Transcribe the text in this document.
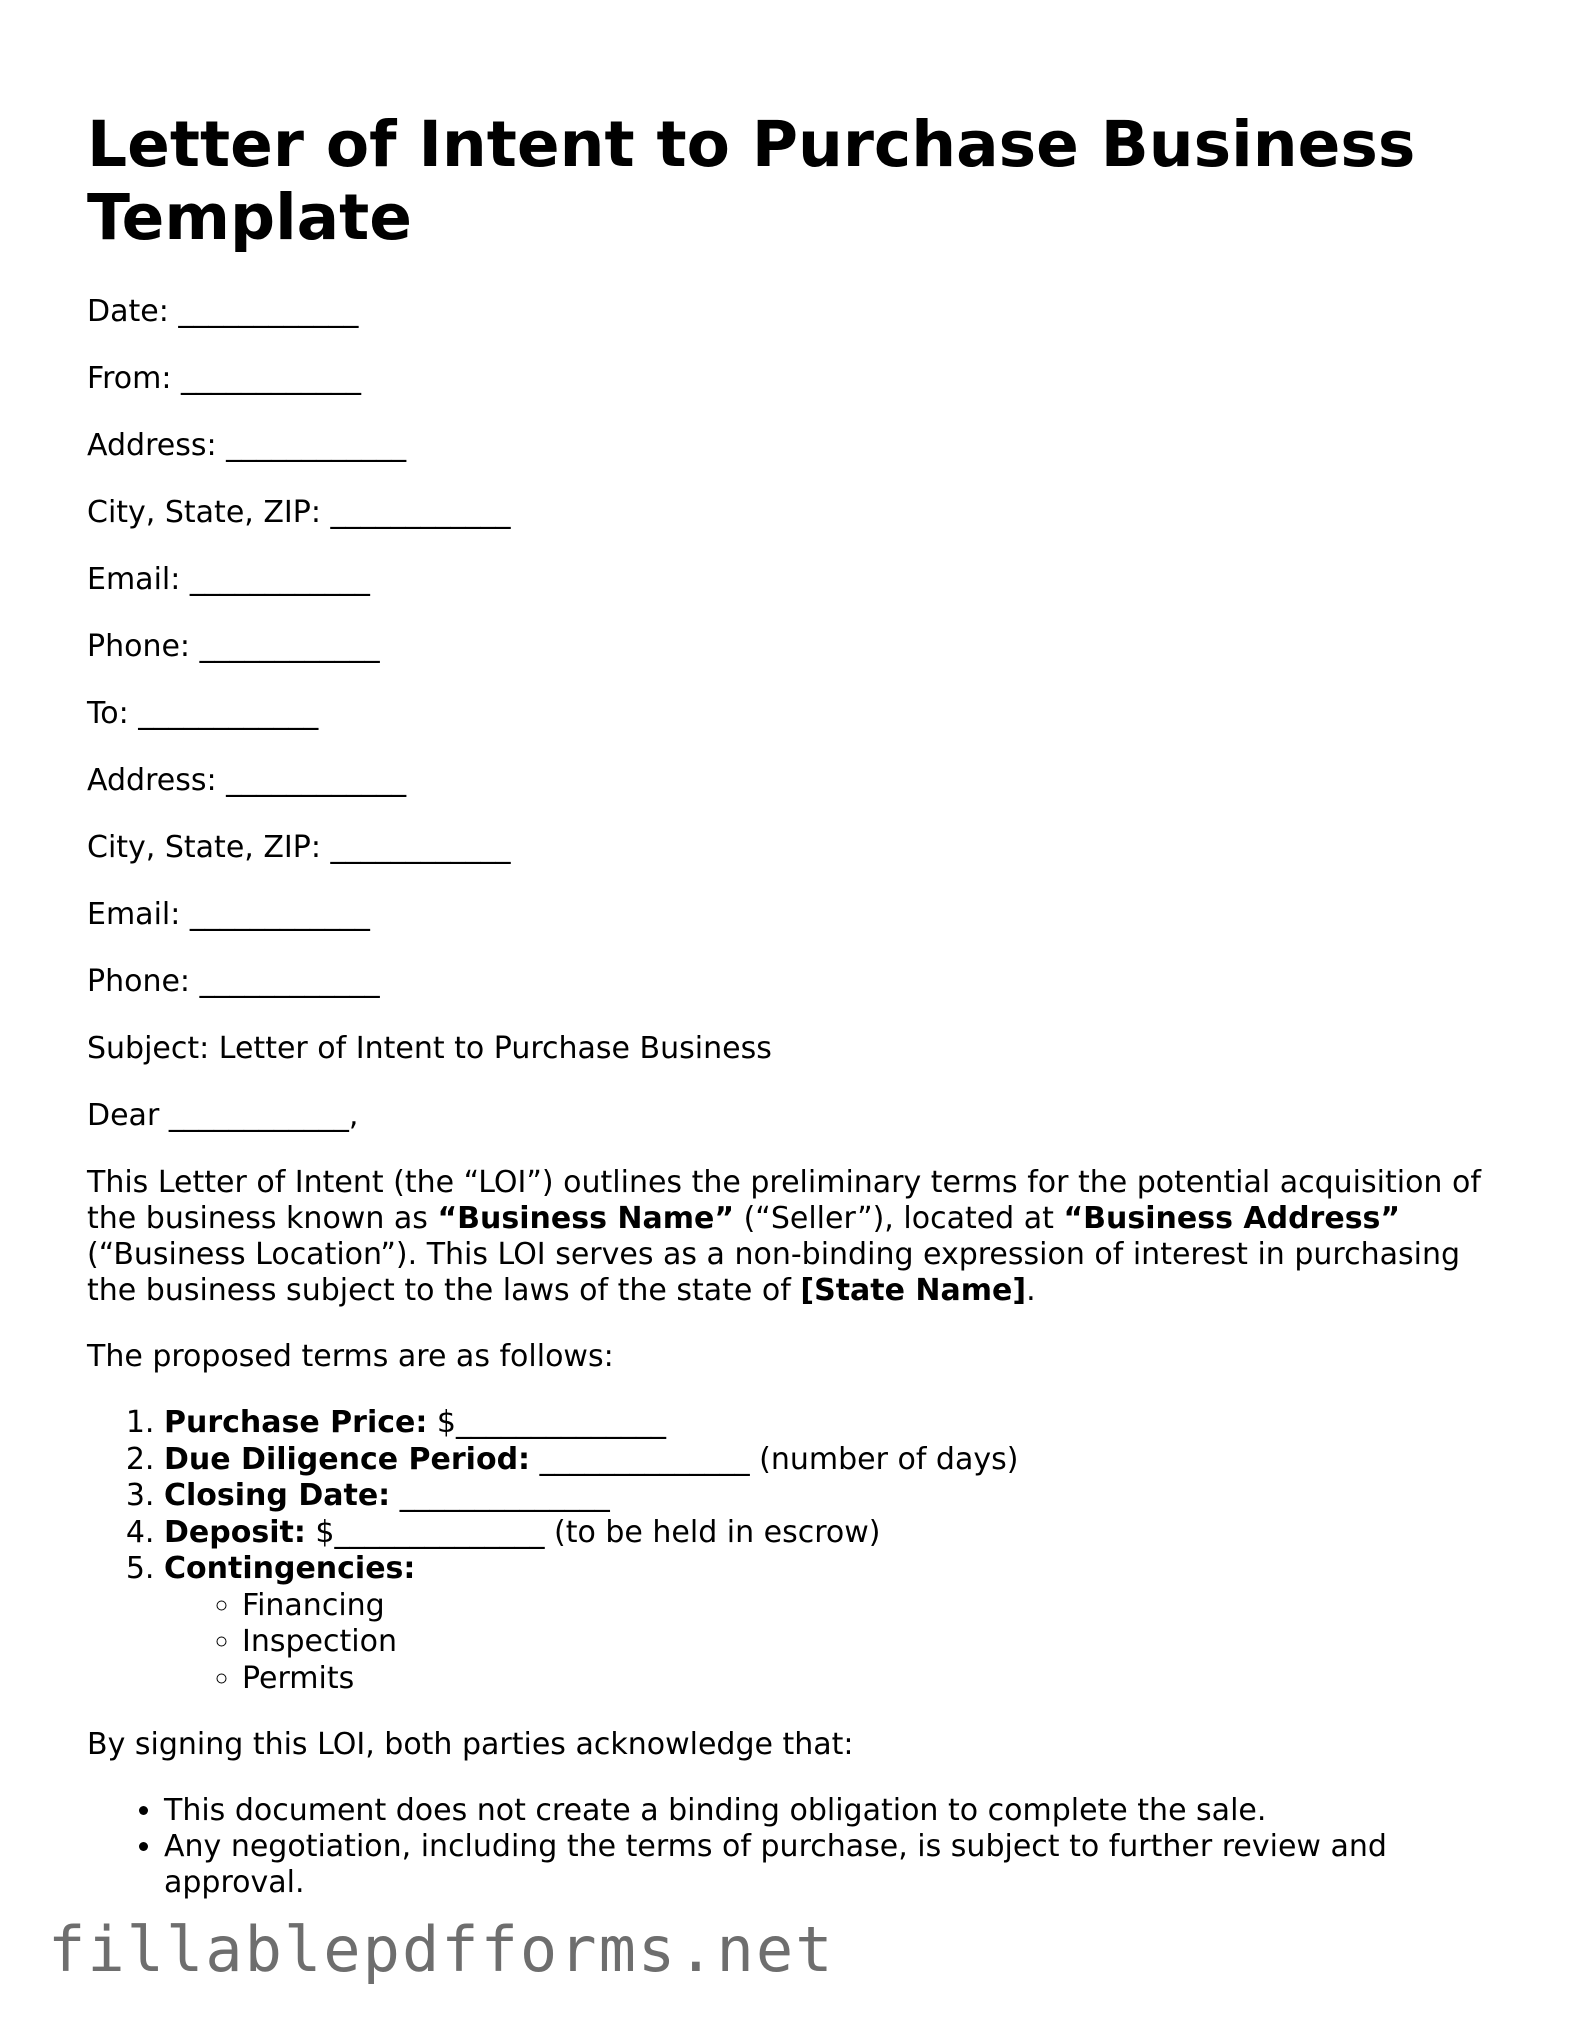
Letter of Intent to Purchase Business Template
Date: ____________
From: ____________
Address: ____________
City, State, ZIP: ____________
Email: ____________
Phone: ____________
To: ____________
Address: ____________
City, State, ZIP: ____________
Email: ____________
Phone: ____________
Subject: Letter of Intent to Purchase Business
Dear ____________,

This Letter of Intent (the “LOI”) outlines the preliminary terms for the potential acquisition of the business known as “Business Name” (“Seller”), located at “Business Address” (“Business Location”). This LOI serves as a non-binding expression of interest in purchasing the business subject to the laws of the state of [State Name].

The proposed terms are as follows:

1. Purchase Price: $______________
2. Due Diligence Period: ______________ (number of days)
3. Closing Date: ______________
4. Deposit: $______________ (to be held in escrow)
5. Contingencies:
◦ Financing
◦ Inspection
◦ Permits

By signing this LOI, both parties acknowledge that:

• This document does not create a binding obligation to complete the sale.
• Any negotiation, including the terms of purchase, is subject to further review and approval.
fillablepdfforms.net
